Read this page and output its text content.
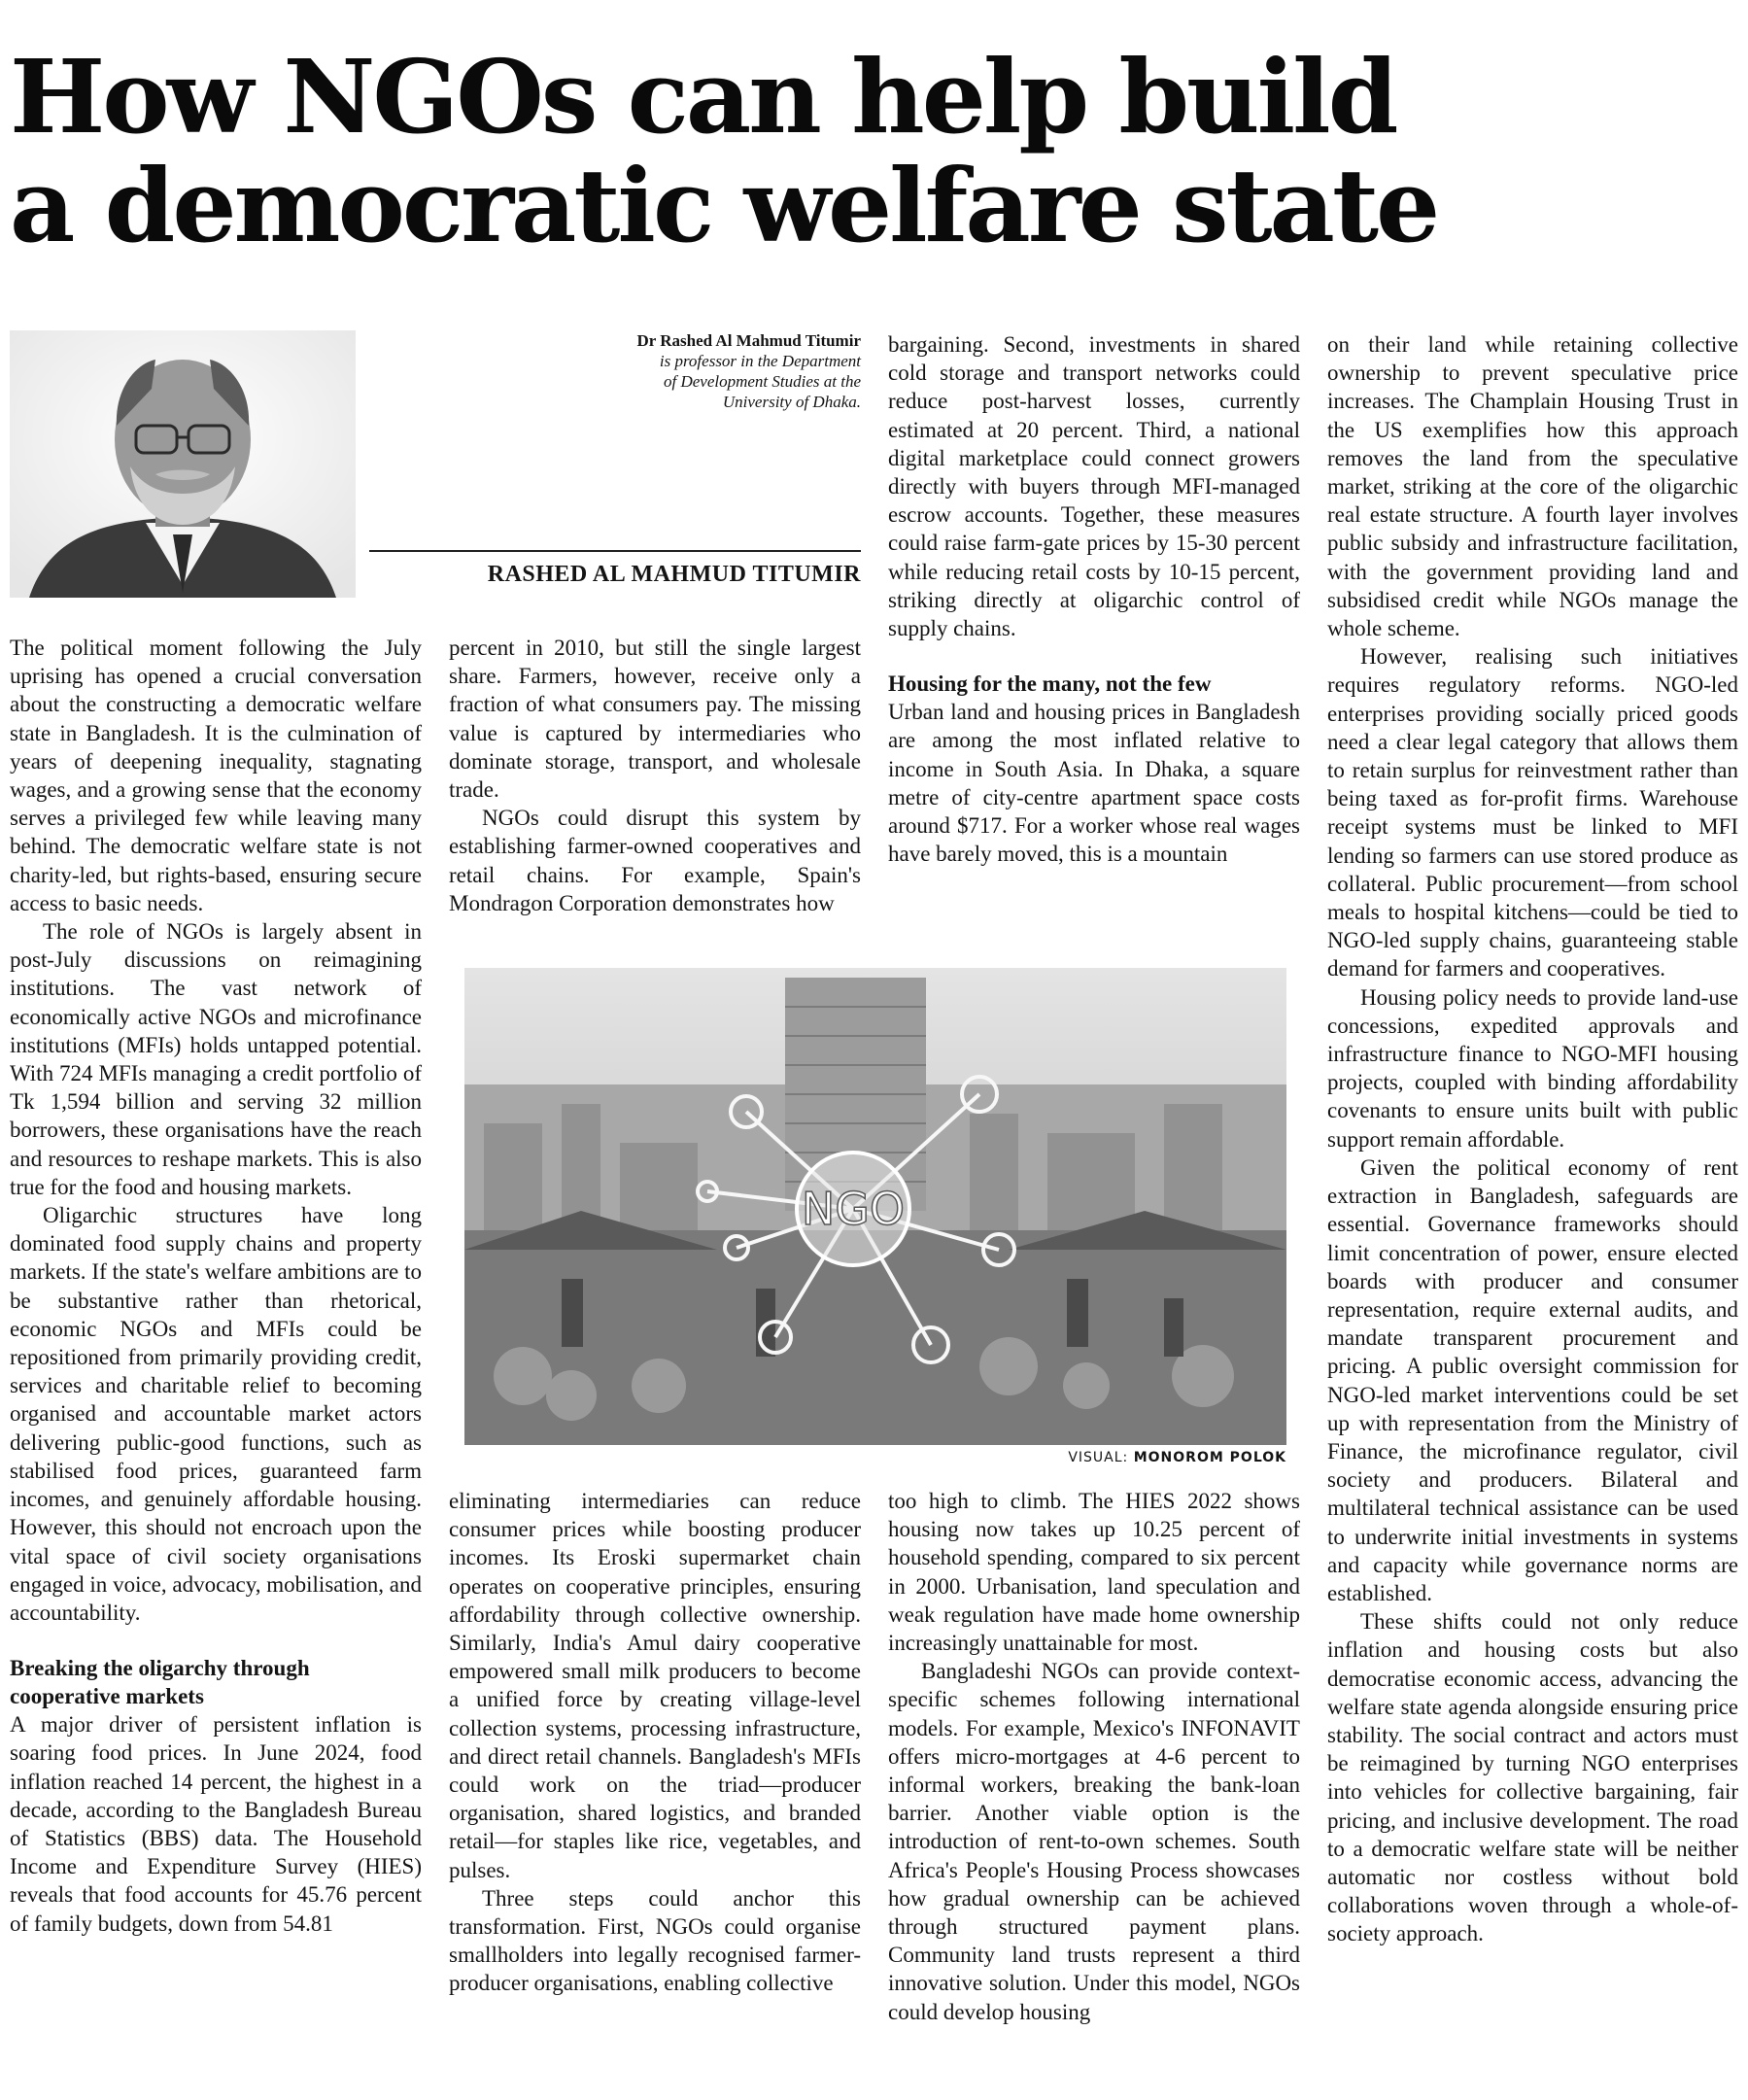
How NGOs can help build
a democratic welfare state
Dr Rashed Al Mahmud Titumir
is professor in the Department
of Development Studies at the
University of Dhaka.
RASHED AL MAHMUD TITUMIR

The political moment following the July uprising has opened a crucial conversation about the constructing a democratic welfare state in Bangladesh. It is the culmination of years of deepening inequality, stagnating wages, and a growing sense that the economy serves a privileged few while leaving many behind. The democratic welfare state is not charity-led, but rights-based, ensuring secure access to basic needs.

The role of NGOs is largely absent in post-July discussions on reimagining institutions. The vast network of economically active NGOs and microfinance institutions (MFIs) holds untapped potential. With 724 MFIs managing a credit portfolio of Tk 1,594 billion and serving 32 million borrowers, these organisations have the reach and resources to reshape markets. This is also true for the food and housing markets.

Oligarchic structures have long dominated food supply chains and property markets. If the state's welfare ambitions are to be substantive rather than rhetorical, economic NGOs and MFIs could be repositioned from primarily providing credit, services and charitable relief to becoming organised and accountable market actors delivering public-good functions, such as stabilised food prices, guaranteed farm incomes, and genuinely affordable housing. However, this should not encroach upon the vital space of civil society organisations engaged in voice, advocacy, mobilisation, and accountability.

Breaking the oligarchy through cooperative markets

A major driver of persistent inflation is soaring food prices. In June 2024, food inflation reached 14 percent, the highest in a decade, according to the Bangladesh Bureau of Statistics (BBS) data. The Household Income and Expenditure Survey (HIES) reveals that food accounts for 45.76 percent of family budgets, down from 54.81

percent in 2010, but still the single largest share. Farmers, however, receive only a fraction of what consumers pay. The missing value is captured by intermediaries who dominate storage, transport, and wholesale trade.

NGOs could disrupt this system by establishing farmer-owned cooperatives and retail chains. For example, Spain's Mondragon Corporation demonstrates how

bargaining. Second, investments in shared cold storage and transport networks could reduce post-harvest losses, currently estimated at 20 percent. Third, a national digital marketplace could connect growers directly with buyers through MFI-managed escrow accounts. Together, these measures could raise farm-gate prices by 15-30 percent while reducing retail costs by 10-15 percent, striking directly at oligarchic control of supply chains.

Housing for the many, not the few

Urban land and housing prices in Bangladesh are among the most inflated relative to income in South Asia. In Dhaka, a square metre of city-centre apartment space costs around $717. For a worker whose real wages have barely moved, this is a mountain

on their land while retaining collective ownership to prevent speculative price increases. The Champlain Housing Trust in the US exemplifies how this approach removes the land from the speculative market, striking at the core of the oligarchic real estate structure. A fourth layer involves public subsidy and infrastructure facilitation, with the government providing land and subsidised credit while NGOs manage the whole scheme.

However, realising such initiatives requires regulatory reforms. NGO-led enterprises providing socially priced goods need a clear legal category that allows them to retain surplus for reinvestment rather than being taxed as for-profit firms. Warehouse receipt systems must be linked to MFI lending so farmers can use stored produce as collateral. Public procurement—from school meals to hospital kitchens—could be tied to NGO-led supply chains, guaranteeing stable demand for farmers and cooperatives.

Housing policy needs to provide land-use concessions, expedited approvals and infrastructure finance to NGO-MFI housing projects, coupled with binding affordability covenants to ensure units built with public support remain affordable.

Given the political economy of rent extraction in Bangladesh, safeguards are essential. Governance frameworks should limit concentration of power, ensure elected boards with producer and consumer representation, require external audits, and mandate transparent procurement and pricing. A public oversight commission for NGO-led market interventions could be set up with representation from the Ministry of Finance, the microfinance regulator, civil society and producers. Bilateral and multilateral technical assistance can be used to underwrite initial investments in systems and capacity while governance norms are established.

These shifts could not only reduce inflation and housing costs but also democratise economic access, advancing the welfare state agenda alongside ensuring price stability. The social contract and actors must be reimagined by turning NGO enterprises into vehicles for collective bargaining, fair pricing, and inclusive development. The road to a democratic welfare state will be neither automatic nor costless without bold collaborations woven through a whole-of-society approach.

NGO
VISUAL: MONOROM POLOK

eliminating intermediaries can reduce consumer prices while boosting producer incomes. Its Eroski supermarket chain operates on cooperative principles, ensuring affordability through collective ownership. Similarly, India's Amul dairy cooperative empowered small milk producers to become a unified force by creating village-level collection systems, processing infrastructure, and direct retail channels. Bangladesh's MFIs could work on the triad—producer organisation, shared logistics, and branded retail—for staples like rice, vegetables, and pulses.

Three steps could anchor this transformation. First, NGOs could organise smallholders into legally recognised farmer-producer organisations, enabling collective

too high to climb. The HIES 2022 shows housing now takes up 10.25 percent of household spending, compared to six percent in 2000. Urbanisation, land speculation and weak regulation have made home ownership increasingly unattainable for most.

Bangladeshi NGOs can provide context-specific schemes following international models. For example, Mexico's INFONAVIT offers micro-mortgages at 4-6 percent to informal workers, breaking the bank-loan barrier. Another viable option is the introduction of rent-to-own schemes. South Africa's People's Housing Process showcases how gradual ownership can be achieved through structured payment plans. Community land trusts represent a third innovative solution. Under this model, NGOs could develop housing
